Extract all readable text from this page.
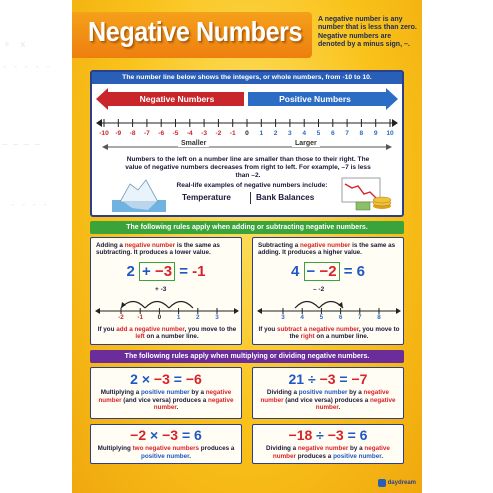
÷  x
- - - - -
— — — —
- - - -
Negative Numbers A negative number is any number that is less than zero. Negative numbers are denoted by a minus sign, –.
The number line below shows the integers, or whole numbers, from -10 to 10.
Negative Numbers	Positive Numbers
-10 -9	-8	-7	-6	-5	-4	-3	-2	-1	0	1	2	3	4	5	6	7	8	9	10
Smaller	Larger
Numbers to the left on a number line are smaller than those to their right. The value of negative numbers decreases from right to left. For example, –7 is less than –2.
Real-life examples of negative numbers include:
Temperature	Bank Balances
The following rules apply when adding or subtracting negative numbers.
Adding a negative number is the same as subtracting. It produces a lower value.
2 + −3 = -1
+ -3
-2	-1	0	1	2	3
If you add a negative number, you move to the left on a number line.
Subtracting a negative number is the same as adding. It produces a higher value.
4 − −2 = 6
– -2
3	4	5	6	7	8
If you subtract a negative number, you move to the right on a number line.
The following rules apply when multiplying or dividing negative numbers.
2 × −3 = −6
Multiplying a positive number by a negative number (and vice versa) produces a negative number.
21 ÷ −3 = −7
Dividing a positive number by a negative number (and vice versa) produces a negative number.
−2 × −3 = 6
Multiplying two negative numbers produces a positive number.
−18 ÷ −3 = 6
Dividing a negative number by a negative number produces a positive number.
daydream
